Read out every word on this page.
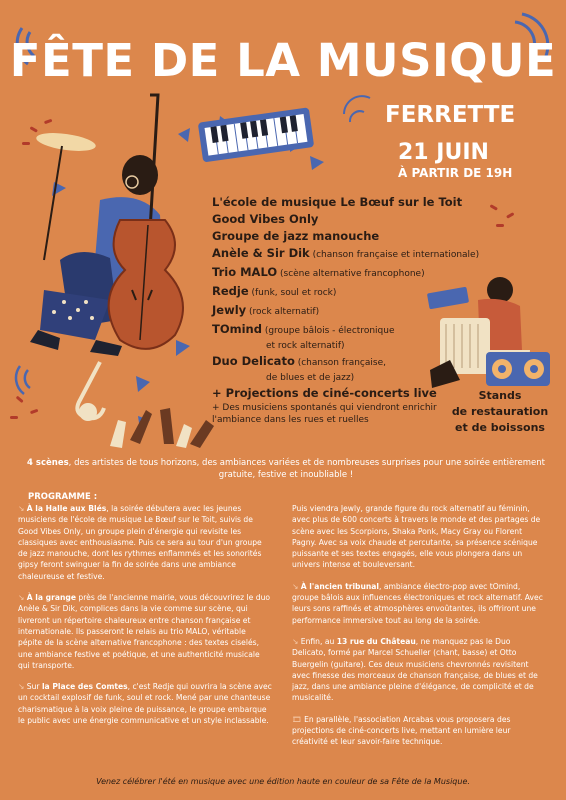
FÊTE DE LA MUSIQUE
FERRETTE
21 JUIN
À PARTIR DE 19H
L'école de musique Le Bœuf sur le Toit
Good Vibes Only
Groupe de jazz manouche
Anèle & Sir Dik (chanson française et internationale)
Trio MALO (scène alternative francophone)
Redje (funk, soul et rock)
Jewly (rock alternatif)
TOmind (groupe bâlois - électronique
et rock alternatif)
Duo Delicato (chanson française,
de blues et de jazz)
+ Projections de ciné-concerts live
+ Des musiciens spontanés qui viendront enrichir l'ambiance dans les rues et ruelles
Stands
de restauration
et de boissons
4 scènes, des artistes de tous horizons, des ambiances variées et de nombreuses surprises pour une soirée entièrement gratuite, festive et inoubliable !
PROGRAMME :
↘ À la Halle aux Blés, la soirée débutera avec les jeunes musiciens de l'école de musique Le Bœuf sur le Toit, suivis de Good Vibes Only, un groupe plein d'énergie qui revisite les classiques avec enthousiasme. Puis ce sera au tour d'un groupe de jazz manouche, dont les rythmes enflammés et les sonorités gipsy feront swinguer la fin de soirée dans une ambiance chaleureuse et festive.
↘ À la grange près de l'ancienne mairie, vous découvrirez le duo Anèle & Sir Dik, complices dans la vie comme sur scène, qui livreront un répertoire chaleureux entre chanson française et internationale. Ils passeront le relais au trio MALO, véritable pépite de la scène alternative francophone : des textes ciselés, une ambiance festive et poétique, et une authenticité musicale qui transporte.
↘ Sur la Place des Comtes, c'est Redje qui ouvrira la scène avec un cocktail explosif de funk, soul et rock. Mené par une chanteuse charismatique à la voix pleine de puissance, le groupe embarque le public avec une énergie communicative et un style inclassable.
Puis viendra Jewly, grande figure du rock alternatif au féminin, avec plus de 600 concerts à travers le monde et des partages de scène avec les Scorpions, Shaka Ponk, Macy Gray ou Florent Pagny. Avec sa voix chaude et percutante, sa présence scénique puissante et ses textes engagés, elle vous plongera dans un univers intense et bouleversant.
↘ À l'ancien tribunal, ambiance électro-pop avec tOmind, groupe bâlois aux influences électroniques et rock alternatif. Avec leurs sons raffinés et atmosphères envoûtantes, ils offriront une performance immersive tout au long de la soirée.
↘ Enfin, au 13 rue du Château, ne manquez pas le Duo Delicato, formé par Marcel Schueller (chant, basse) et Otto Buergelin (guitare). Ces deux musiciens chevronnés revisitent avec finesse des morceaux de chanson française, de blues et de jazz, dans une ambiance pleine d'élégance, de complicité et de musicalité.
🎞 En parallèle, l'association Arcabas vous proposera des projections de ciné-concerts live, mettant en lumière leur créativité et leur savoir-faire technique.
Venez célébrer l'été en musique avec une édition haute en couleur de sa Fête de la Musique.
